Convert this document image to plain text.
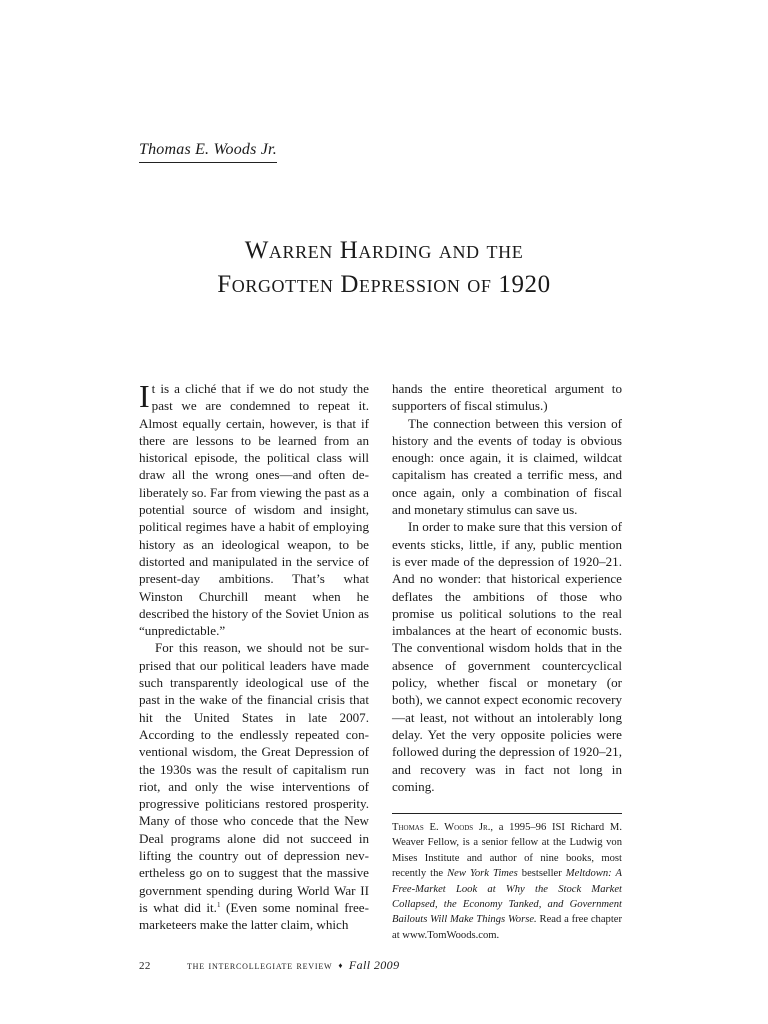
Thomas E. Woods Jr.
Warren Harding and the
Forgotten Depression of 1920

It is a cliché that if we do not study the past we are condemned to repeat it. Almost equally certain, however, is that if there are lessons to be learned from an historical episode, the political class will draw all the wrong ones—and often deliberately so. Far from viewing the past as a potential source of wisdom and insight, political regimes have a habit of employing history as an ideological weapon, to be distorted and manipulated in the service of present-day ambitions. That’s what Winston Churchill meant when he described the history of the Soviet Union as “unpredictable.”

For this reason, we should not be surprised that our political leaders have made such transparently ideological use of the past in the wake of the financial crisis that hit the United States in late 2007. According to the endlessly repeated conventional wisdom, the Great Depression of the 1930s was the result of capitalism run riot, and only the wise interventions of progressive politicians restored prosperity. Many of those who concede that the New Deal programs alone did not succeed in lifting the country out of depression nevertheless go on to suggest that the massive government spending during World War II is what did it.$^1$ (Even some nominal freemarketeers make the latter claim, which

hands the entire theoretical argument to supporters of fiscal stimulus.)

The connection between this version of history and the events of today is obvious enough: once again, it is claimed, wildcat capitalism has created a terrific mess, and once again, only a combination of fiscal and monetary stimulus can save us.

In order to make sure that this version of events sticks, little, if any, public mention is ever made of the depression of 1920–21. And no wonder: that historical experience deflates the ambitions of those who promise us political solutions to the real imbalances at the heart of economic busts. The conventional wisdom holds that in the absence of government countercyclical policy, whether fiscal or monetary (or both), we cannot expect economic recovery—at least, not without an intolerably long delay. Yet the very opposite policies were followed during the depression of 1920–21, and recovery was in fact not long in coming.

Thomas E. Woods Jr., a 1995–96 ISI Richard M. Weaver Fellow, is a senior fellow at the Ludwig von Mises Institute and author of nine books, most recently the New York Times bestseller Meltdown: A Free-Market Look at Why the Stock Market Collapsed, the Economy Tanked, and Government Bailouts Will Make Things Worse. Read a free chapter at www.TomWoods.com.
22	the intercollegiate review ♦ Fall 2009
